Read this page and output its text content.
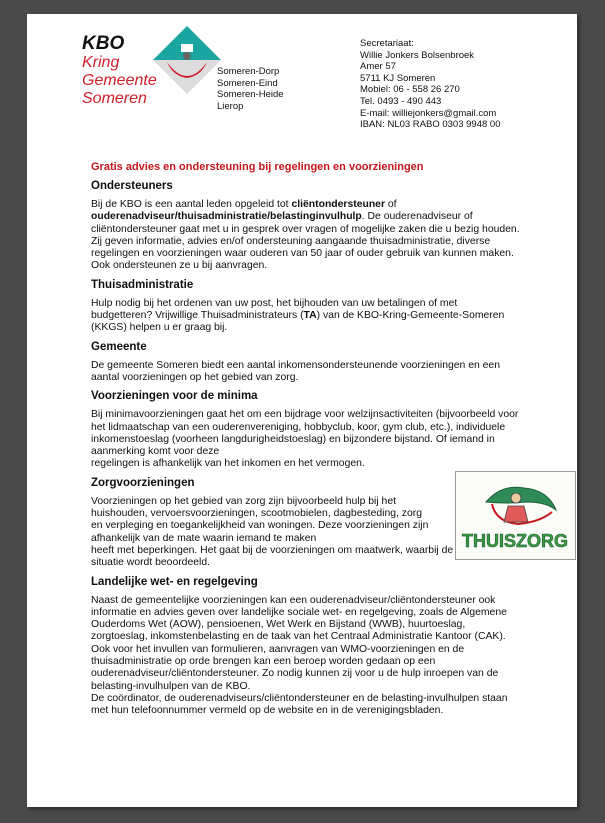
KBO
Kring
Gemeente
Someren
Someren-Dorp
Someren-Eind
Someren-Heide
Lierop
Secretariaat:
Willie Jonkers Bolsenbroek
Amer 57
5711 KJ Someren
Mobiel: 06 - 558 26 270
Tel. 0493 - 490 443
E-mail: williejonkers@gmail.com
IBAN: NL03 RABO 0303 9948 00
Gratis advies en ondersteuning bij regelingen en voorzieningen
Ondersteuners

Bij de KBO is een aantal leden opgeleid tot cliëntondersteuner of ouderenadviseur/thuisadministratie/belastinginvulhulp. De ouderenadviseur of cliëntondersteuner gaat met u in gesprek over vragen of mogelijke zaken die u bezig houden. Zij geven informatie, advies en/of ondersteuning aangaande thuisadministratie, diverse regelingen en voorzieningen waar ouderen van 50 jaar of ouder gebruik van kunnen maken. Ook ondersteunen ze u bij aanvragen.

Thuisadministratie

Hulp nodig bij het ordenen van uw post, het bijhouden van uw betalingen of met budgetteren? Vrijwillige Thuisadministrateurs (TA) van de KBO-Kring-Gemeente-Someren (KKGS) helpen u er graag bij.

Gemeente

De gemeente Someren biedt een aantal inkomensondersteunende voorzieningen en een aantal voorzieningen op het gebied van zorg.

Voorzieningen voor de minima

Bij minimavoorzieningen gaat het om een bijdrage voor welzijnsactiviteiten (bijvoorbeeld voor het lidmaatschap van een ouderenvereniging, hobbyclub, koor, gym club, etc.), individuele inkomenstoeslag (voorheen langdurigheidstoeslag) en bijzondere bijstand. Of iemand in aanmerking komt voor deze

regelingen is afhankelijk van het inkomen en het vermogen.

Zorgvoorzieningen

Voorzieningen op het gebied van zorg zijn bijvoorbeeld hulp bij het huishouden, vervoersvoorzieningen, scootmobielen, dagbesteding, zorg en verpleging en toegankelijkheid van woningen. Deze voorzieningen zijn afhankelijk van de mate waarin iemand te maken

heeft met beperkingen. Het gaat bij de voorzieningen om maatwerk, waarbij de specifieke situatie wordt beoordeeld.

Landelijke wet- en regelgeving

Naast de gemeentelijke voorzieningen kan een ouderenadviseur/cliëntondersteuner ook informatie en advies geven over landelijke sociale wet- en regelgeving, zoals de Algemene Ouderdoms Wet (AOW), pensioenen, Wet Werk en Bijstand (WWB), huurtoeslag, zorgtoeslag, inkomstenbelasting en de taak van het Centraal Administratie Kantoor (CAK). Ook voor het invullen van formulieren, aanvragen van WMO-voorzieningen en de thuisadministratie op orde brengen kan een beroep worden gedaan op een ouderenadviseur/cliëntondersteuner. Zo nodig kunnen zij voor u de hulp inroepen van de belasting-invulhulpen van de KBO.

De coördinator, de ouderenadviseurs/cliëntondersteuner en de belasting-invulhulpen staan met hun telefoonnummer vermeld op de website en in de verenigingsbladen.

THUISZORG
